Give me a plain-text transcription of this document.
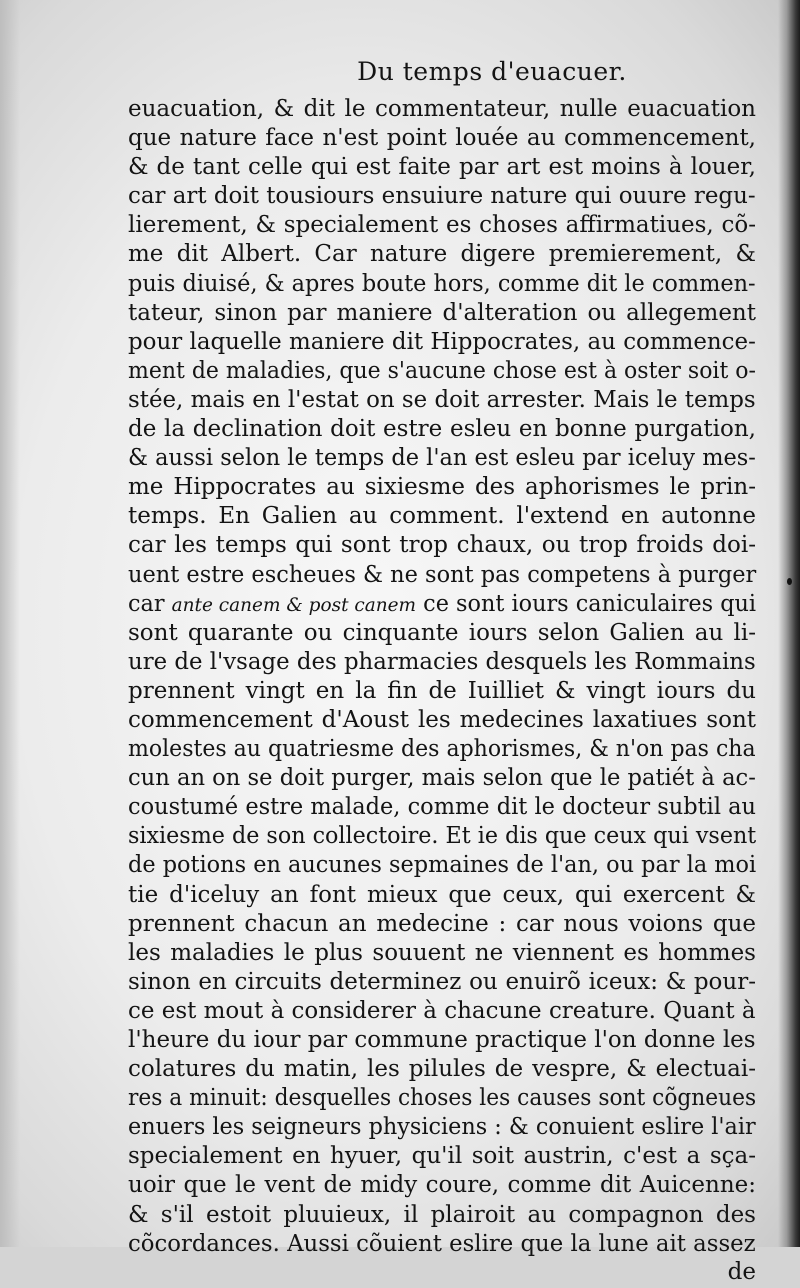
Du temps d'euacuer.
euacuation, & dit le commentateur, nulle euacuation
que nature face n'est point louée au commencement,
& de tant celle qui est faite par art est moins à louer,
car art doit tousiours ensuiure nature qui ouure regu-
lierement, & specialement es choses affirmatiues, cõ-
me dit Albert. Car nature digere premierement, &
puis diuisé, & apres boute hors, comme dit le commen-
tateur, sinon par maniere d'alteration ou allegement
pour laquelle maniere dit Hippocrates, au commence-
ment de maladies, que s'aucune chose est à oster soit o-
stée, mais en l'estat on se doit arrester. Mais le temps
de la declination doit estre esleu en bonne purgation,
& aussi selon le temps de l'an est esleu par iceluy mes-
me Hippocrates au sixiesme des aphorismes le prin-
temps. En Galien au comment. l'extend en autonne
car les temps qui sont trop chaux, ou trop froids doi-
uent estre escheues & ne sont pas competens à purger
car ante canem & post canem ce sont iours caniculaires qui
sont quarante ou cinquante iours selon Galien au li-
ure de l'vsage des pharmacies desquels les Rommains
prennent vingt en la fin de Iuilliet & vingt iours du
commencement d'Aoust les medecines laxatiues sont
molestes au quatriesme des aphorismes, & n'on pas cha
cun an on se doit purger, mais selon que le patiét à ac-
coustumé estre malade, comme dit le docteur subtil au
sixiesme de son collectoire. Et ie dis que ceux qui vsent
de potions en aucunes sepmaines de l'an, ou par la moi
tie d'iceluy an font mieux que ceux, qui exercent &
prennent chacun an medecine : car nous voions que
les maladies le plus souuent ne viennent es hommes
sinon en circuits determinez ou enuirõ iceux: & pour-
ce est mout à considerer à chacune creature. Quant à
l'heure du iour par commune practique l'on donne les
colatures du matin, les pilules de vespre, & electuai-
res a minuit: desquelles choses les causes sont cõgneues
enuers les seigneurs physiciens : & conuient eslire l'air
specialement en hyuer, qu'il soit austrin, c'est a sça-
uoir que le vent de midy coure, comme dit Auicenne:
& s'il estoit pluuieux, il plairoit au compagnon des
cõcordances. Aussi cõuient eslire que la lune ait assez
de
